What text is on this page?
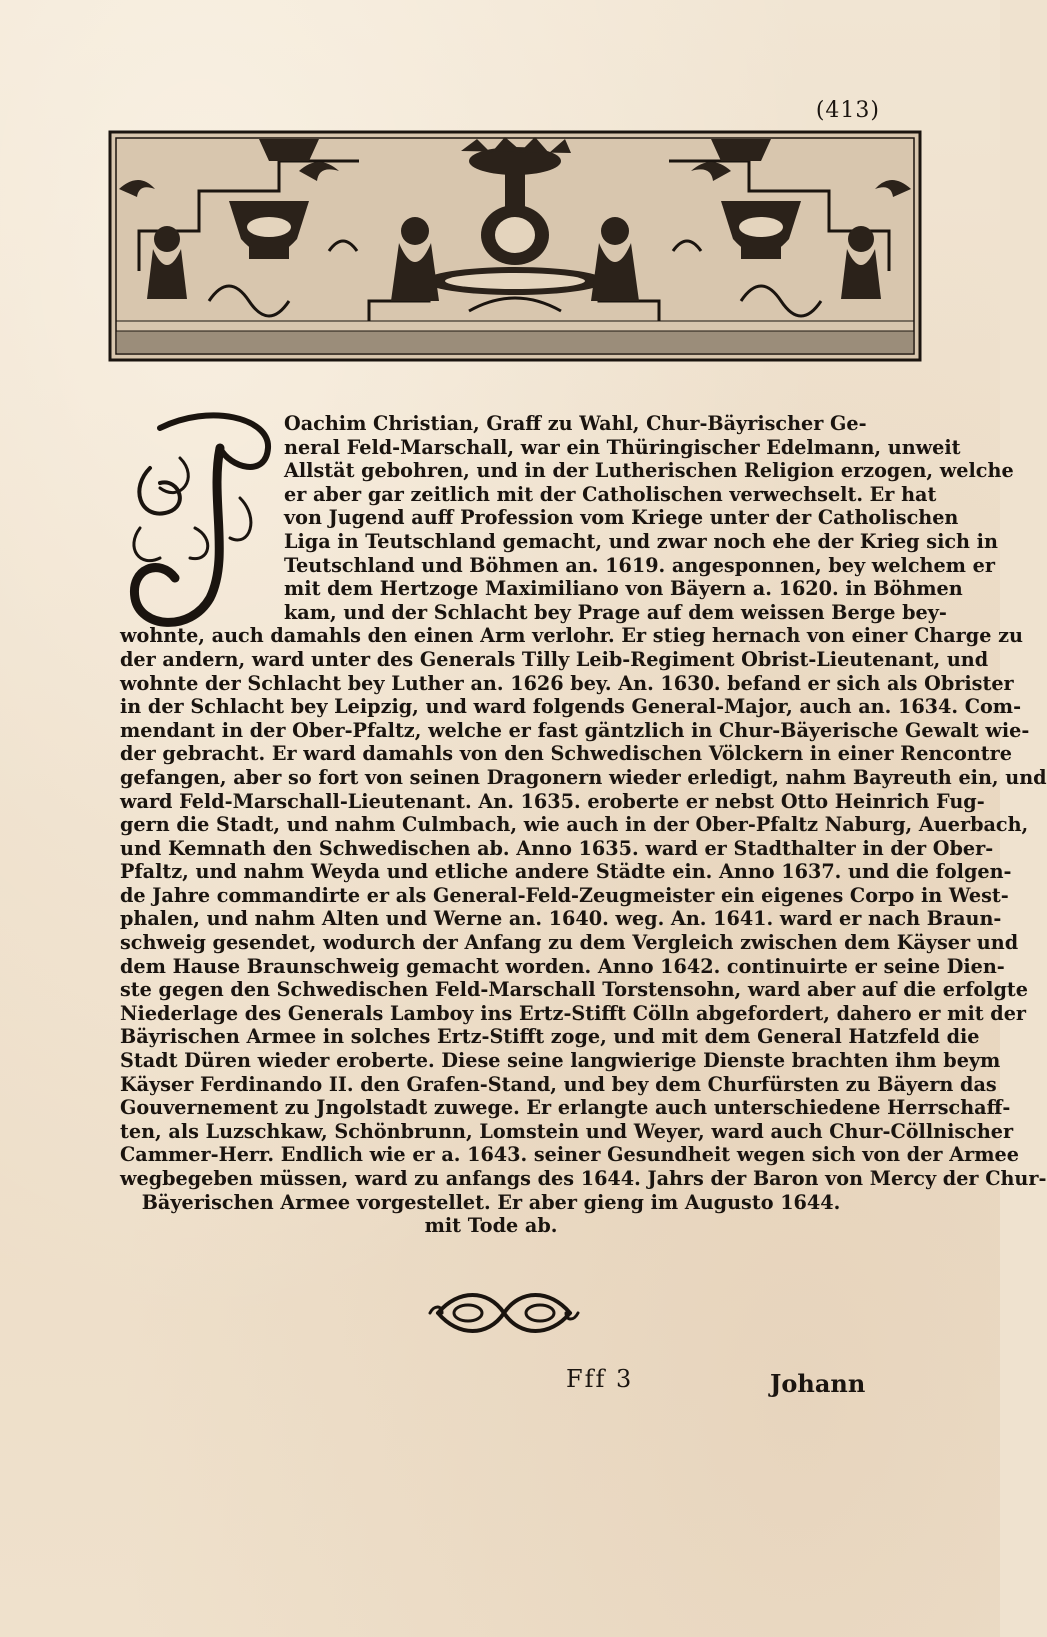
(413)
Oachim Christian, Graff zu Wahl, Chur-Bäyrischer Ge-
neral Feld-Marschall, war ein Thüringischer Edelmann, unweit
Allstät gebohren, und in der Lutherischen Religion erzogen, welche
er aber gar zeitlich mit der Catholischen verwechselt. Er hat
von Jugend auff Profession vom Kriege unter der Catholischen
Liga in Teutschland gemacht, und zwar noch ehe der Krieg sich in
Teutschland und Böhmen an. 1619. angesponnen, bey welchem er
mit dem Hertzoge Maximiliano von Bäyern a. 1620. in Böhmen
kam, und der Schlacht bey Prage auf dem weissen Berge bey-
wohnte, auch damahls den einen Arm verlohr. Er stieg hernach von einer Charge zu
der andern, ward unter des Generals Tilly Leib-Regiment Obrist-Lieutenant, und
wohnte der Schlacht bey Luther an. 1626 bey. An. 1630. befand er sich als Obrister
in der Schlacht bey Leipzig, und ward folgends General-Major, auch an. 1634. Com-
mendant in der Ober-Pfaltz, welche er fast gäntzlich in Chur-Bäyerische Gewalt wie-
der gebracht. Er ward damahls von den Schwedischen Völckern in einer Rencontre
gefangen, aber so fort von seinen Dragonern wieder erledigt, nahm Bayreuth ein, und
ward Feld-Marschall-Lieutenant. An. 1635. eroberte er nebst Otto Heinrich Fug-
gern die Stadt, und nahm Culmbach, wie auch in der Ober-Pfaltz Naburg, Auerbach,
und Kemnath den Schwedischen ab. Anno 1635. ward er Stadthalter in der Ober-
Pfaltz, und nahm Weyda und etliche andere Städte ein. Anno 1637. und die folgen-
de Jahre commandirte er als General-Feld-Zeugmeister ein eigenes Corpo in West-
phalen, und nahm Alten und Werne an. 1640. weg. An. 1641. ward er nach Braun-
schweig gesendet, wodurch der Anfang zu dem Vergleich zwischen dem Käyser und
dem Hause Braunschweig gemacht worden. Anno 1642. continuirte er seine Dien-
ste gegen den Schwedischen Feld-Marschall Torstensohn, ward aber auf die erfolgte
Niederlage des Generals Lamboy ins Ertz-Stifft Cölln abgefordert, dahero er mit der
Bäyrischen Armee in solches Ertz-Stifft zoge, und mit dem General Hatzfeld die
Stadt Düren wieder eroberte. Diese seine langwierige Dienste brachten ihm beym
Käyser Ferdinando II. den Grafen-Stand, und bey dem Churfürsten zu Bäyern das
Gouvernement zu Jngolstadt zuwege. Er erlangte auch unterschiedene Herrschaff-
ten, als Luzschkaw, Schönbrunn, Lomstein und Weyer, ward auch Chur-Cöllnischer
Cammer-Herr. Endlich wie er a. 1643. seiner Gesundheit wegen sich von der Armee
wegbegeben müssen, ward zu anfangs des 1644. Jahrs der Baron von Mercy der Chur-
Bäyerischen Armee vorgestellet. Er aber gieng im Augusto 1644.
mit Tode ab.
Fff 3	Johann
